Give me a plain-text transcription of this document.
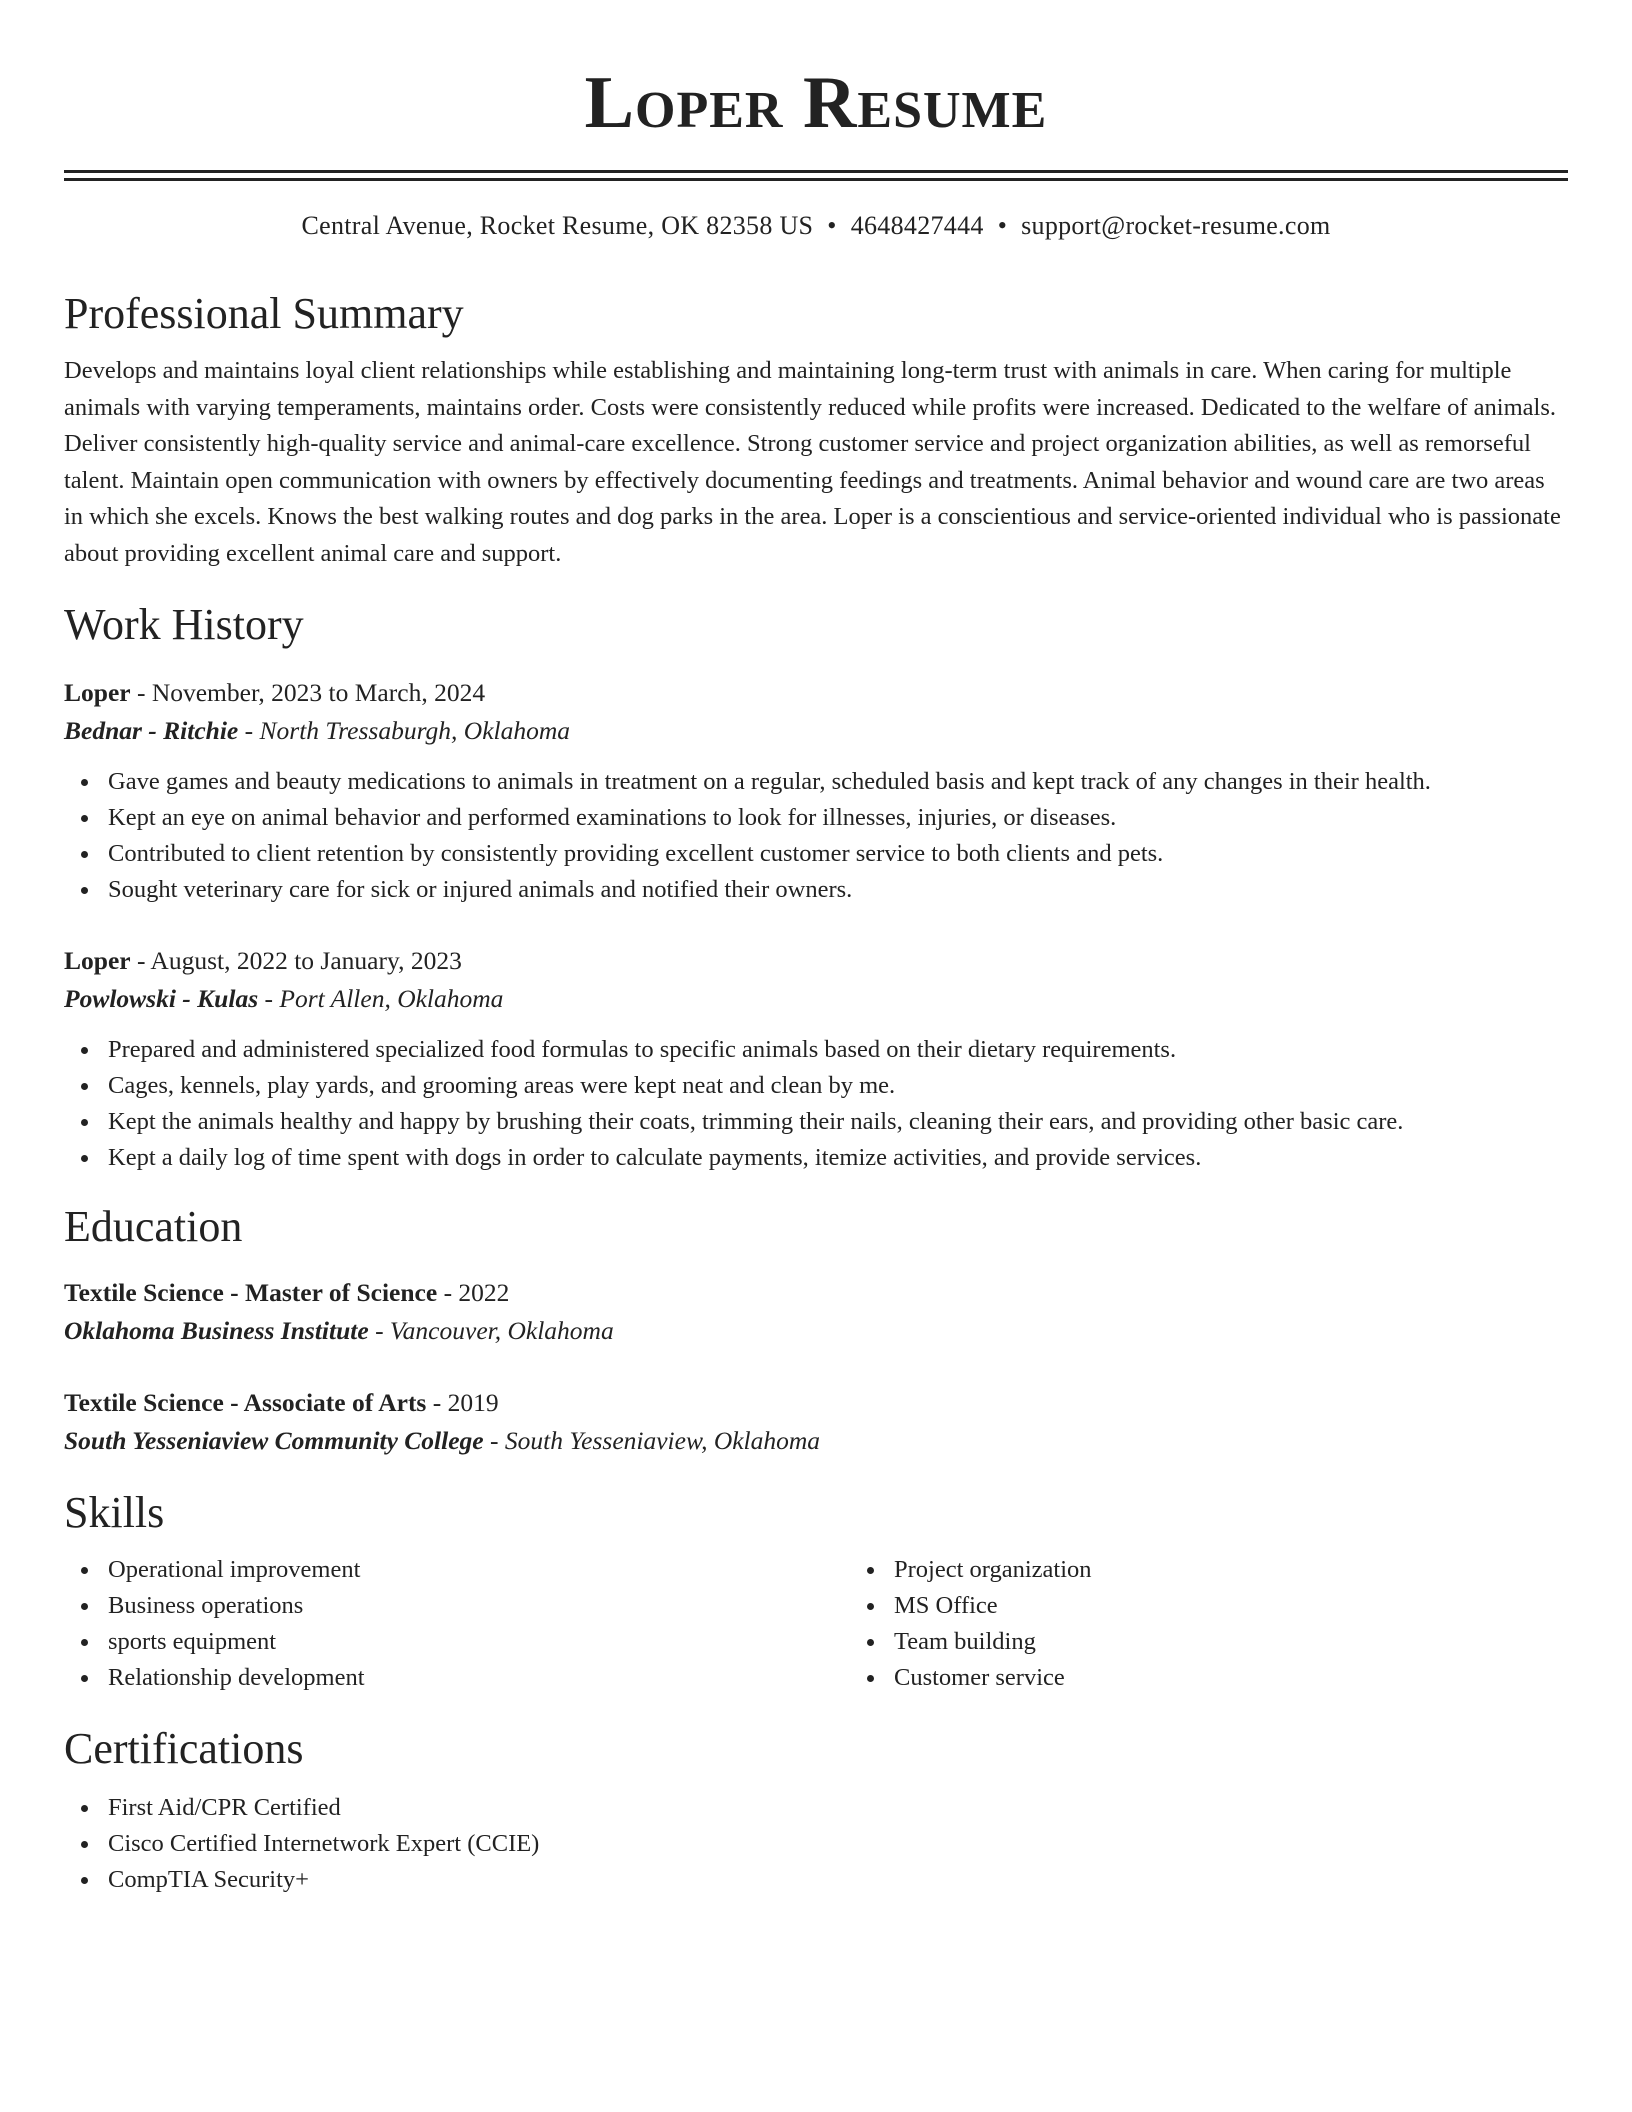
Loper Resume
Central Avenue, Rocket Resume, OK 82358 US • 4648427444 • support@rocket-resume.com
Professional Summary

Develops and maintains loyal client relationships while establishing and maintaining long-term trust with animals in care. When caring for multiple animals with varying temperaments, maintains order. Costs were consistently reduced while profits were increased. Dedicated to the welfare of animals. Deliver consistently high-quality service and animal-care excellence. Strong customer service and project organization abilities, as well as remorseful talent. Maintain open communication with owners by effectively documenting feedings and treatments. Animal behavior and wound care are two areas in which she excels. Knows the best walking routes and dog parks in the area. Loper is a conscientious and service-oriented individual who is passionate about providing excellent animal care and support.

Work History

Loper - November, 2023 to March, 2024

Bednar - Ritchie - North Tressaburgh, Oklahoma

Gave games and beauty medications to animals in treatment on a regular, scheduled basis and kept track of any changes in their health.
Kept an eye on animal behavior and performed examinations to look for illnesses, injuries, or diseases.
Contributed to client retention by consistently providing excellent customer service to both clients and pets.
Sought veterinary care for sick or injured animals and notified their owners.

Loper - August, 2022 to January, 2023

Powlowski - Kulas - Port Allen, Oklahoma

Prepared and administered specialized food formulas to specific animals based on their dietary requirements.
Cages, kennels, play yards, and grooming areas were kept neat and clean by me.
Kept the animals healthy and happy by brushing their coats, trimming their nails, cleaning their ears, and providing other basic care.
Kept a daily log of time spent with dogs in order to calculate payments, itemize activities, and provide services.
Education

Textile Science - Master of Science - 2022

Oklahoma Business Institute - Vancouver, Oklahoma

Textile Science - Associate of Arts - 2019

South Yesseniaview Community College - South Yesseniaview, Oklahoma

Skills
Operational improvement
Business operations
sports equipment
Relationship development
Project organization
MS Office
Team building
Customer service
Certifications
First Aid/CPR Certified
Cisco Certified Internetwork Expert (CCIE)
CompTIA Security+
